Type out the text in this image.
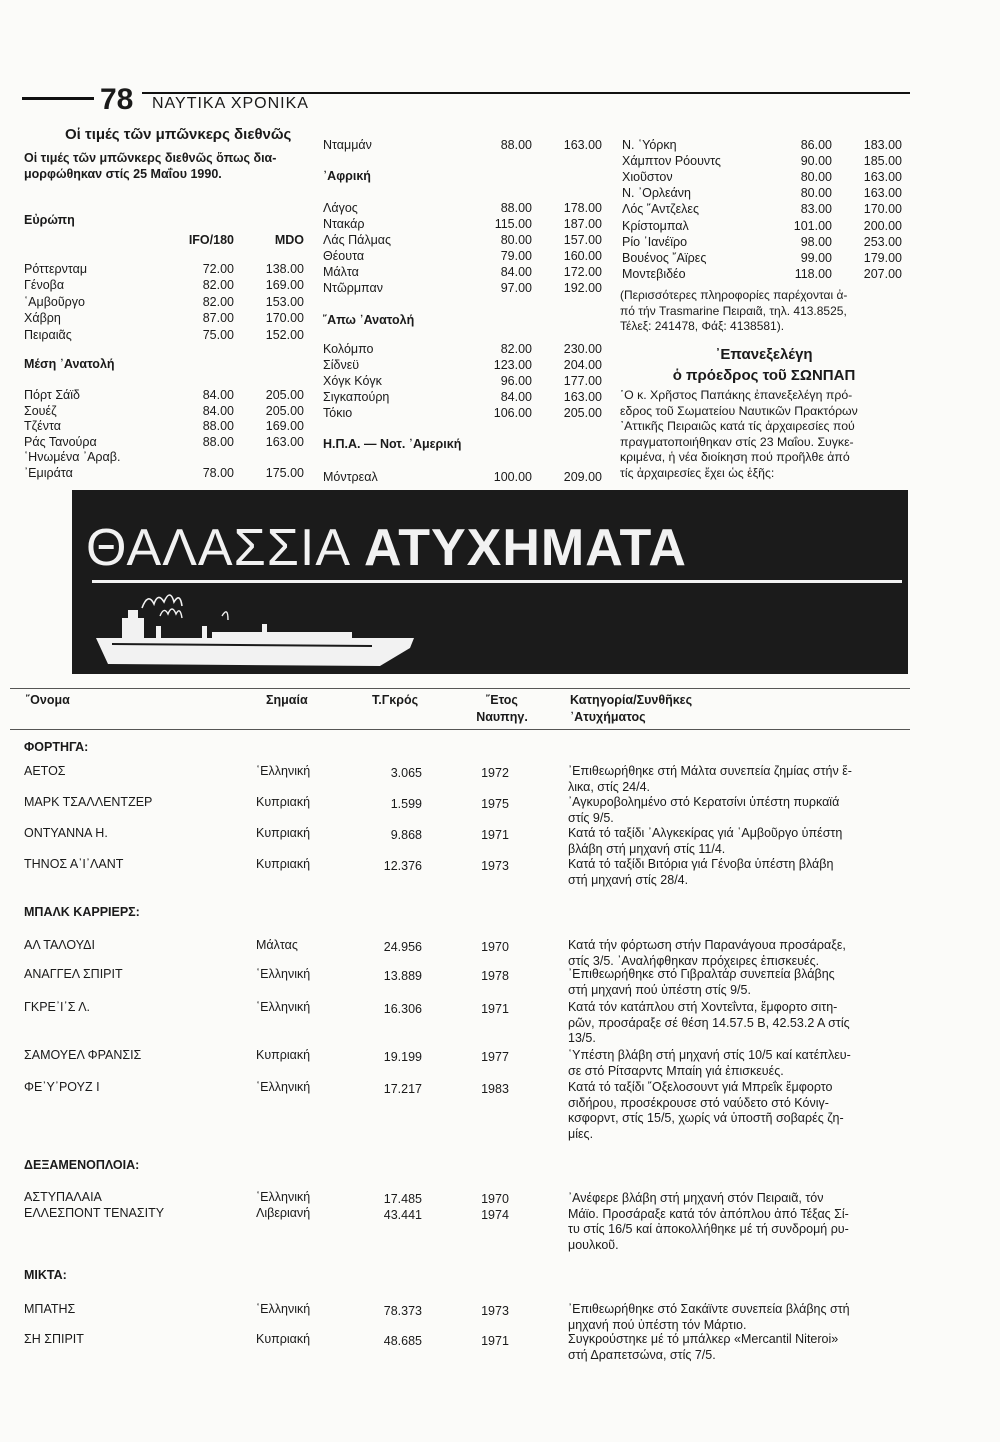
78 ΝΑΥΤΙΚΑ ΧΡΟΝΙΚΑ
Οἱ τιμές τῶν μπῶνκερς διεθνῶς
Οἱ τιμές τῶν μπῶνκερς διεθνῶς ὅπως δια-
μορφώθηκαν στίς 25 Μαΐου 1990.
Εὐρώπη
IFO/180	MDO
Ρόττερνταμ	72.00	138.00
Γένοβα	82.00	169.00
῾Αμβοῦργο	82.00	153.00
Χάβρη	87.00	170.00
Πειραιᾶς	75.00	152.00
Μέση ᾿Ανατολή
Πόρτ Σάϊδ	84.00	205.00
Σουέζ	84.00	205.00
Τζέντα	88.00	169.00
Ράς Τανούρα	88.00	163.00
῾Ηνωμένα ᾿Αραβ.
᾿Εμιράτα	78.00	175.00
Νταμμάν	88.00	163.00
᾿Αφρική
Λάγος	88.00	178.00
Ντακάρ	115.00	187.00
Λάς Πάλμας	80.00	157.00
Θέουτα	79.00	160.00
Μάλτα	84.00	172.00
Ντῶρμπαν	97.00	192.00
῎Απω ᾿Ανατολή
Κολόμπο	82.00	230.00
Σίδνεϋ	123.00	204.00
Χόγκ Κόγκ	96.00	177.00
Σιγκαπούρη	84.00	163.00
Τόκιο	106.00	205.00
Η.Π.Α. — Νοτ. ᾿Αμερική
Μόντρεαλ	100.00	209.00
Ν. ῾Υόρκη	86.00	183.00
Χάμπτον Ρόουντς	90.00	185.00
Χιοῦστον	80.00	163.00
Ν. ᾿Ορλεάνη	80.00	163.00
Λός ῎Αντζελες	83.00	170.00
Κρίστομπαλ	101.00	200.00
Ρίο ᾿Ιανέϊρο	98.00	253.00
Βουένος ῎Αϊρες	99.00	179.00
Μοντεβιδέο	118.00	207.00
(Περισσότερες πληροφορίες παρέχονται ἀ-
πό τήν Trasmarine Πειραιᾶ, τηλ. 413.8525,
Τέλεξ: 241478, Φάξ: 4138581).
᾿Επανεξελέγη
ὁ πρόεδρος τοῦ ΣΩΝΠΑΠ
῾Ο κ. Χρῆστος Παπάκης ἐπανεξελέγη πρό-
εδρος τοῦ Σωματείου Ναυτικῶν Πρακτόρων
᾿Αττικῆς Πειραιῶς κατά τίς ἀρχαιρεσίες πού
πραγματοποιήθηκαν στίς 23 Μαΐου. Συγκε-
κριμένα, ἡ νέα διοίκηση πού προῆλθε ἀπό
τίς ἀρχαιρεσίες ἔχει ὡς ἑξῆς:
ΘΑΛΑΣΣΙΑ ΑΤΥΧΗΜΑΤΑ
῎Ονομα	Σημαία	Τ.Γκρός	῎Ετος
Ναυπηγ.
Κατηγορία/Συνθῆκες
᾿Ατυχήματος
ΦΟΡΤΗΓΑ:
ΑΕΤΟΣ	῾Ελληνική	3.065	1972	᾿Επιθεωρήθηκε στή Μάλτα συνεπεία ζημίας στήν ἕ-
λικα, στίς 24/4.
ΜΑΡΚ ΤΣΑΛΛΕΝΤΖΕΡ	Κυπριακή	1.599	1975	᾿Αγκυροβολημένο στό Κερατσίνι ὑπέστη πυρκαϊά
στίς 9/5.
ΟΝΤΥΑΝΝΑ Η.	Κυπριακή	9.868	1971	Κατά τό ταξίδι ᾿Αλγκεκίρας γιά ῾Αμβοῦργο ὑπέστη
βλάβη στή μηχανή στίς 11/4.
ΤΗΝΟΣ Α᾿Ι᾿ΛΑΝΤ	Κυπριακή	12.376	1973	Κατά τό ταξίδι Βιτόρια γιά Γένοβα ὑπέστη βλάβη
στή μηχανή στίς 28/4.
ΜΠΑΛΚ ΚΑΡΡΙΕΡΣ:
ΑΛ ΤΑΛΟΥΔΙ	Μάλτας	24.956	1970	Κατά τήν φόρτωση στήν Παρανάγουα προσάραξε,
στίς 3/5. ᾿Αναλήφθηκαν πρόχειρες ἐπισκευές.
ΑΝΑΓΓΕΛ ΣΠΙΡΙΤ	῾Ελληνική	13.889	1978	᾿Επιθεωρήθηκε στό Γιβραλτάρ συνεπεία βλάβης
στή μηχανή πού ὑπέστη στίς 9/5.
ΓΚΡΕ᾿Ι᾿Σ Λ.	῾Ελληνική	16.306	1971	Κατά τόν κατάπλου στή Χοντεΐντα, ἔμφορτο σιτη-
ρῶν, προσάραξε σέ θέση 14.57.5 Β, 42.53.2 Α στίς
13/5.
ΣΑΜΟΥΕΛ ΦΡΑΝΣΙΣ	Κυπριακή	19.199	1977	῾Υπέστη βλάβη στή μηχανή στίς 10/5 καί κατέπλευ-
σε στό Ρίτσαρντς Μπαίη γιά ἐπισκευές.
ΦΕ᾿Υ᾿ΡΟΥΖ Ι	῾Ελληνική	17.217	1983	Κατά τό ταξίδι ῎Οξελοσουντ γιά Μπρεΐκ ἔμφορτο
σιδήρου, προσέκρουσε στό ναύδετο στό Κόνιγ-
κσφορντ, στίς 15/5, χωρίς νά ὑποστῆ σοβαρές ζη-
μίες.
ΔΕΞΑΜΕΝΟΠΛΟΙΑ:
ΑΣΤΥΠΑΛΑΙΑ	῾Ελληνική	17.485	1970	᾿Ανέφερε βλάβη στή μηχανή στόν Πειραιᾶ, τόν
Μάϊο. Προσάραξε κατά τόν ἀπόπλου ἀπό Τέξας Σί-
τυ στίς 16/5 καί ἀποκολλήθηκε μέ τή συνδρομή ρυ-
μουλκοῦ.
ΕΛΛΕΣΠΟΝΤ ΤΕΝΑΣΙΤΥ	Λιβεριανή	43.441	1974
ΜΙΚΤΑ:
ΜΠΑΤΗΣ	῾Ελληνική	78.373	1973	᾿Επιθεωρήθηκε στό Σακάϊντε συνεπεία βλάβης στή
μηχανή πού ὑπέστη τόν Μάρτιο.
ΣΗ ΣΠΙΡΙΤ	Κυπριακή	48.685	1971	Συγκρούστηκε μέ τό μπάλκερ «Mercantil Niteroi»
στή Δραπετσώνα, στίς 7/5.
